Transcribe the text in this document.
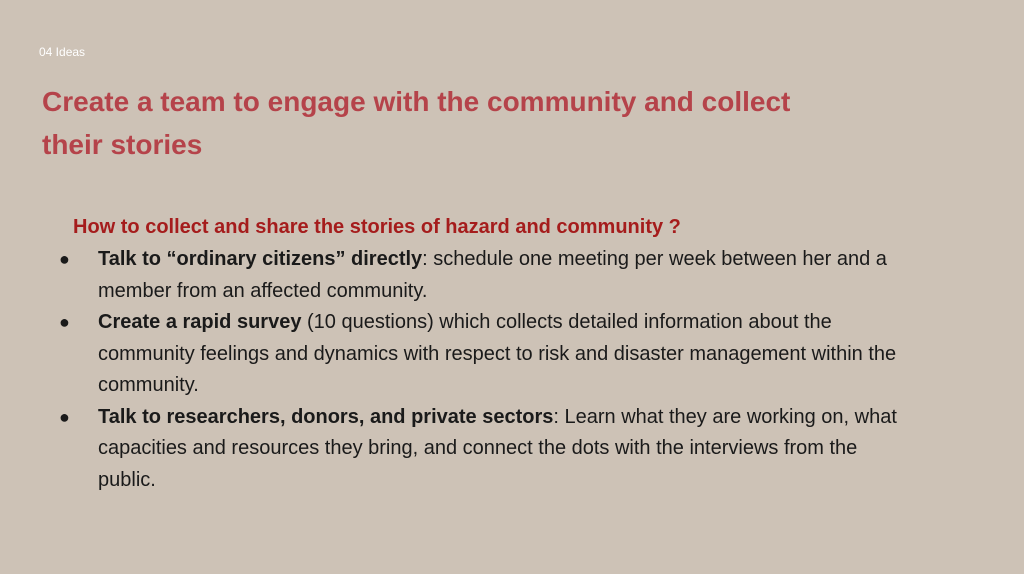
04 Ideas
Create a team to engage with the community and collect their stories
How to collect and share the stories of hazard and community ?
● Talk to “ordinary citizens” directly: schedule one meeting per week between her and a member from an affected community.
● Create a rapid survey (10 questions) which collects detailed information about the community feelings and dynamics with respect to risk and disaster management within the community.
● Talk to researchers, donors, and private sectors: Learn what they are working on, what capacities and resources they bring, and connect the dots with the interviews from the public.
